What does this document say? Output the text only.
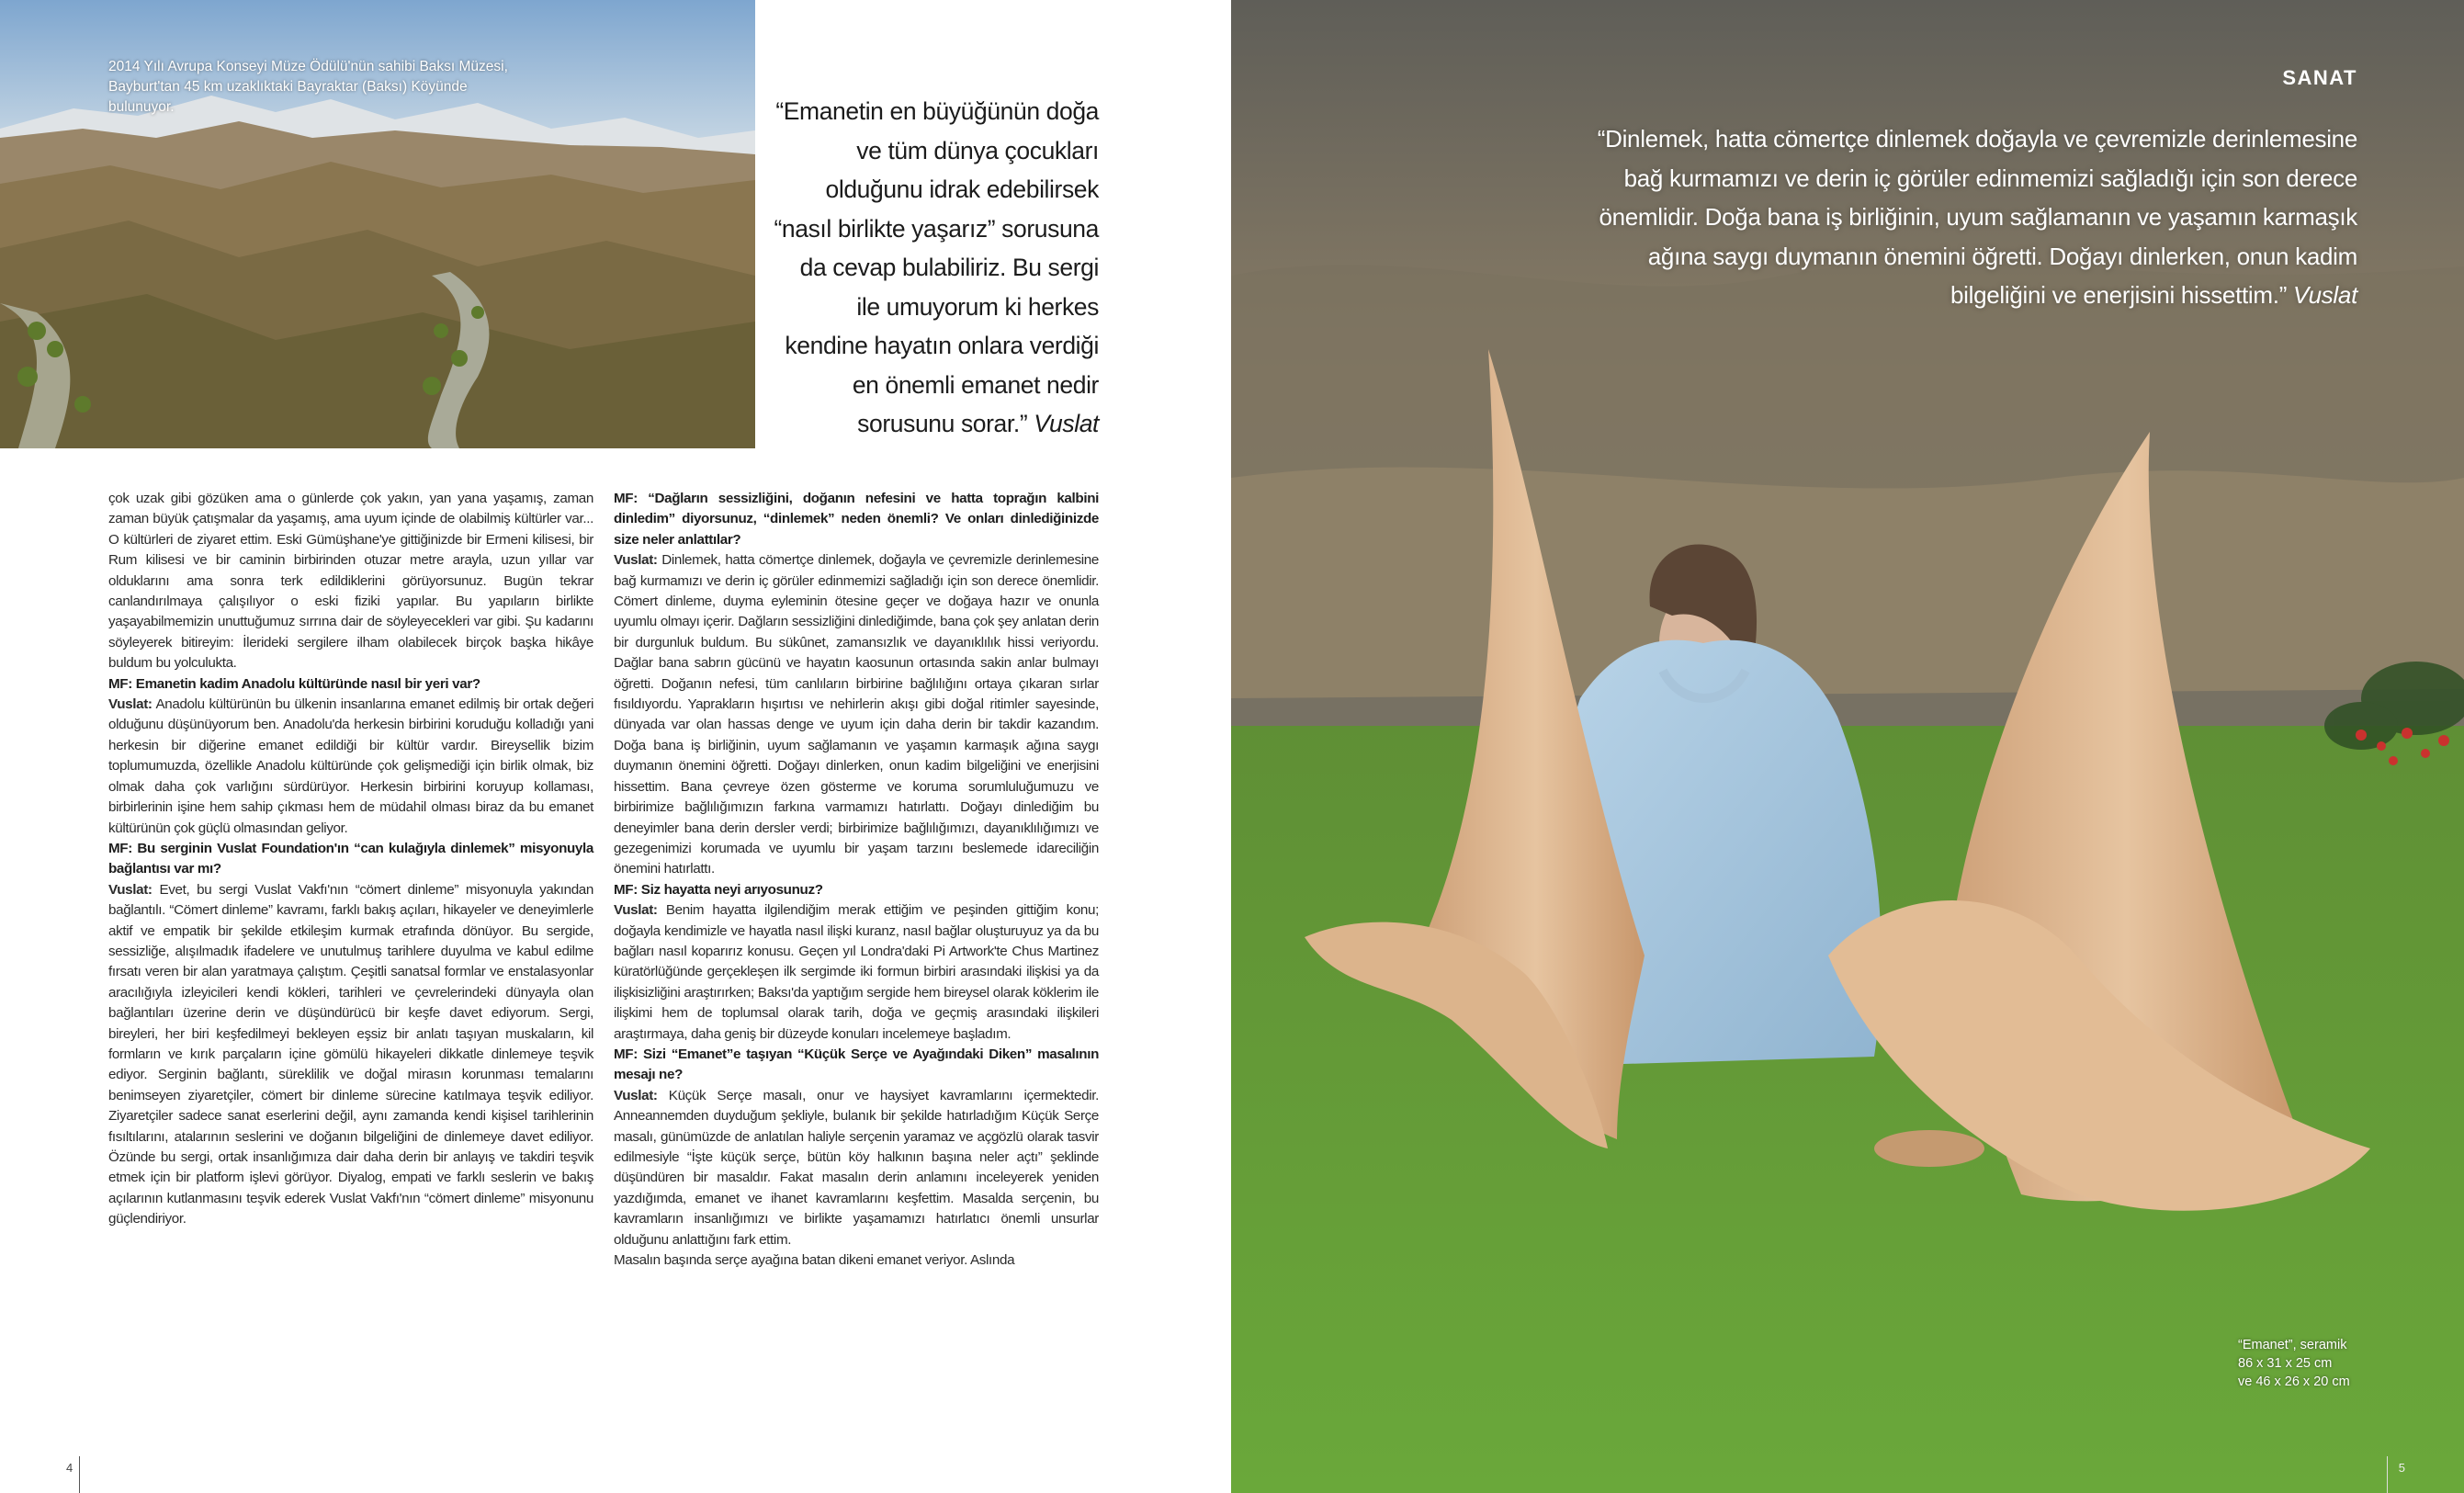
2014 Yılı Avrupa Konseyi Müze Ödülü'nün sahibi Baksı Müzesi, Bayburt'tan 45 km uzaklıktaki Bayraktar (Baksı) Köyünde bulunuyor.	“Emanetin en büyüğünün doğa ve tüm dünya çocukları olduğunu idrak edebilirsek “nasıl birlikte yaşarız” sorusuna da cevap bulabiliriz. Bu sergi ile umuyorum ki herkes kendine hayatın onlara verdiği en önemli emanet nedir sorusunu sorar.” Vuslat

çok uzak gibi gözüken ama o günlerde çok yakın, yan yana yaşamış, zaman zaman büyük çatışmalar da yaşamış, ama uyum içinde de olabilmiş kültürler var... O kültürleri de ziyaret ettim. Eski Gümüşhane'ye gittiğinizde bir Ermeni kilisesi, bir Rum kilisesi ve bir caminin birbirinden otuzar metre arayla, uzun yıllar var olduklarını ama sonra terk edildiklerini görüyorsunuz. Bugün tekrar canlandırılmaya çalışılıyor o eski fiziki yapılar. Bu yapıların birlikte yaşayabilmemizin unuttuğumuz sırrına dair de söyleyecekleri var gibi. Şu kadarını söyleyerek bitireyim: İlerideki sergilere ilham olabilecek birçok başka hikâye buldum bu yolculukta.

MF: Emanetin kadim Anadolu kültüründe nasıl bir yeri var?

Vuslat: Anadolu kültürünün bu ülkenin insanlarına emanet edilmiş bir ortak değeri olduğunu düşünüyorum ben. Anadolu'da herkesin birbirini koruduğu kolladığı yani herkesin bir diğerine emanet edildiği bir kültür vardır. Bireysellik bizim toplumumuzda, özellikle Anadolu kültüründe çok gelişmediği için birlik olmak, biz olmak daha çok varlığını sürdürüyor. Herkesin birbirini koruyup kollaması, birbirlerinin işine hem sahip çıkması hem de müdahil olması biraz da bu emanet kültürünün çok güçlü olmasından geliyor.

MF: Bu serginin Vuslat Foundation'ın “can kulağıyla dinlemek” misyonuyla bağlantısı var mı?

Vuslat: Evet, bu sergi Vuslat Vakfı'nın “cömert dinleme” misyonuyla yakından bağlantılı. “Cömert dinleme” kavramı, farklı bakış açıları, hikayeler ve deneyimlerle aktif ve empatik bir şekilde etkileşim kurmak etrafında dönüyor. Bu sergide, sessizliğe, alışılmadık ifadelere ve unutulmuş tarihlere duyulma ve kabul edilme fırsatı veren bir alan yaratmaya çalıştım. Çeşitli sanatsal formlar ve enstalasyonlar aracılığıyla izleyicileri kendi kökleri, tarihleri ve çevrelerindeki dünyayla olan bağlantıları üzerine derin ve düşündürücü bir keşfe davet ediyorum. Sergi, bireyleri, her biri keşfedilmeyi bekleyen eşsiz bir anlatı taşıyan muskaların, kil formların ve kırık parçaların içine gömülü hikayeleri dikkatle dinlemeye teşvik ediyor. Serginin bağlantı, süreklilik ve doğal mirasın korunması temalarını benimseyen ziyaretçiler, cömert bir dinleme sürecine katılmaya teşvik ediliyor. Ziyaretçiler sadece sanat eserlerini değil, aynı zamanda kendi kişisel tarihlerinin fısıltılarını, atalarının seslerini ve doğanın bilgeliğini de dinlemeye davet ediliyor. Özünde bu sergi, ortak insanlığımıza dair daha derin bir anlayış ve takdiri teşvik etmek için bir platform işlevi görüyor. Diyalog, empati ve farklı seslerin ve bakış açılarının kutlanmasını teşvik ederek Vuslat Vakfı'nın “cömert dinleme” misyonunu güçlendiriyor.

MF: “Dağların sessizliğini, doğanın nefesini ve hatta toprağın kalbini dinledim” diyorsunuz, “dinlemek” neden önemli? Ve onları dinlediğinizde size neler anlattılar?

Vuslat: Dinlemek, hatta cömertçe dinlemek, doğayla ve çevremizle derinlemesine bağ kurmamızı ve derin iç görüler edinmemizi sağladığı için son derece önemlidir. Cömert dinleme, duyma eyleminin ötesine geçer ve doğaya hazır ve onunla uyumlu olmayı içerir. Dağların sessizliğini dinlediğimde, bana çok şey anlatan derin bir durgunluk buldum. Bu sükûnet, zamansızlık ve dayanıklılık hissi veriyordu. Dağlar bana sabrın gücünü ve hayatın kaosunun ortasında sakin anlar bulmayı öğretti. Doğanın nefesi, tüm canlıların birbirine bağlılığını ortaya çıkaran sırlar fısıldıyordu. Yaprakların hışırtısı ve nehirlerin akışı gibi doğal ritimler sayesinde, dünyada var olan hassas denge ve uyum için daha derin bir takdir kazandım. Doğa bana iş birliğinin, uyum sağlamanın ve yaşamın karmaşık ağına saygı duymanın önemini öğretti. Doğayı dinlerken, onun kadim bilgeliğini ve enerjisini hissettim. Bana çevreye özen gösterme ve koruma sorumluluğumuzu ve birbirimize bağlılığımızın farkına varmamızı hatırlattı. Doğayı dinlediğim bu deneyimler bana derin dersler verdi; birbirimize bağlılığımızı, dayanıklılığımızı ve gezegenimizi korumada ve uyumlu bir yaşam tarzını beslemede idareciliğin önemini hatırlattı.

MF: Siz hayatta neyi arıyosunuz?

Vuslat: Benim hayatta ilgilendiğim merak ettiğim ve peşinden gittiğim konu; doğayla kendimizle ve hayatla nasıl ilişki kuranz, nasıl bağlar oluşturuyuz ya da bu bağları nasıl koparırız konusu. Geçen yıl Londra'daki Pi Artwork'te Chus Martinez küratörlüğünde gerçekleşen ilk sergimde iki formun birbiri arasındaki ilişkisi ya da ilişkisizliğini araştırırken; Baksı'da yaptığım sergide hem bireysel olarak köklerim ile ilişkimi hem de toplumsal olarak tarih, doğa ve geçmiş arasındaki ilişkileri araştırmaya, daha geniş bir düzeyde konuları incelemeye başladım.

MF: Sizi “Emanet”e taşıyan “Küçük Serçe ve Ayağındaki Diken” masalının mesajı ne?

Vuslat: Küçük Serçe masalı, onur ve haysiyet kavramlarını içermektedir. Anneannemden duyduğum şekliyle, bulanık bir şekilde hatırladığım Küçük Serçe masalı, günümüzde de anlatılan haliyle serçenin yaramaz ve açgözlü olarak tasvir edilmesiyle “İşte küçük serçe, bütün köy halkının başına neler açtı” şeklinde düşündüren bir masaldır. Fakat masalın derin anlamını inceleyerek yeniden yazdığımda, emanet ve ihanet kavramlarını keşfettim. Masalda serçenin, bu kavramların insanlığımızı ve birlikte yaşamamızı hatırlatıcı önemli unsurlar olduğunu anlattığını fark ettim.

Masalın başında serçe ayağına batan dikeni emanet veriyor. Aslında

4
SANAT
“Dinlemek, hatta cömertçe dinlemek doğayla ve çevremizle derinlemesine bağ kurmamızı ve derin iç görüler edinmemizi sağladığı için son derece önemlidir. Doğa bana iş birliğinin, uyum sağlamanın ve yaşamın karmaşık ağına saygı duymanın önemini öğretti. Doğayı dinlerken, onun kadim bilgeliğini ve enerjisini hissettim.” Vuslat
“Emanet”, seramik
86 x 31 x 25 cm
ve 46 x 26 x 20 cm
5
